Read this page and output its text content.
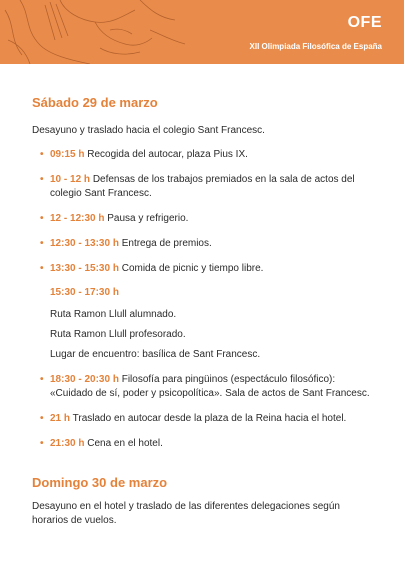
OFE
XII Olimpiada Filosófica de España
Sábado 29 de marzo

Desayuno y traslado hacia el colegio Sant Francesc.

• 09:15 h Recogida del autocar, plaza Pius IX.
• 10 - 12 h Defensas de los trabajos premiados en la sala de actos del colegio Sant Francesc.
• 12 - 12:30 h Pausa y refrigerio.
• 12:30 - 13:30 h Entrega de premios.
• 13:30 - 15:30 h Comida de picnic y tiempo libre.
15:30 - 17:30 h

Ruta Ramon Llull alumnado.

Ruta Ramon Llull profesorado.

Lugar de encuentro: basílica de Sant Francesc.

• 18:30 - 20:30 h Filosofía para pingüinos (espectáculo filosófico): «Cuidado de sí, poder y psicopolítica». Sala de actos de Sant Francesc.
• 21 h Traslado en autocar desde la plaza de la Reina hacia el hotel.
• 21:30 h Cena en el hotel.
Domingo 30 de marzo

Desayuno en el hotel y traslado de las diferentes delegaciones según horarios de vuelos.
